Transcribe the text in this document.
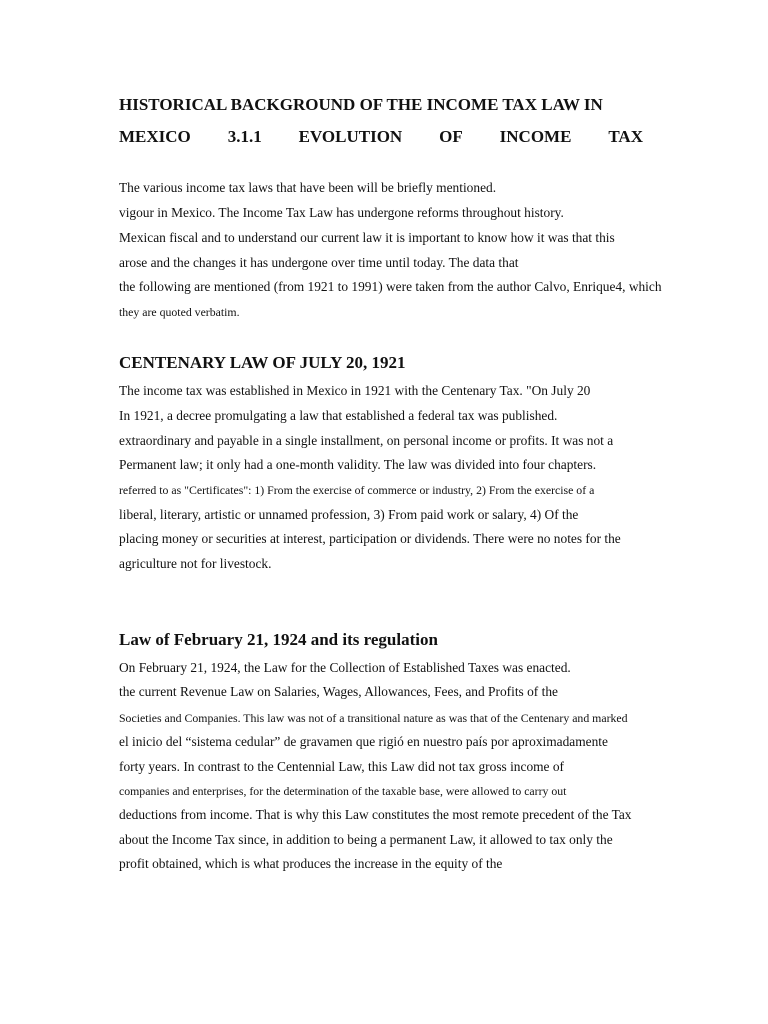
HISTORICAL BACKGROUND OF THE INCOME TAX LAW IN
MEXICO 3.1.1 EVOLUTION OF INCOME TAX
The various income tax laws that have been will be briefly mentioned.
vigour in Mexico. The Income Tax Law has undergone reforms throughout history.
Mexican fiscal and to understand our current law it is important to know how it was that this
arose and the changes it has undergone over time until today. The data that
the following are mentioned (from 1921 to 1991) were taken from the author Calvo, Enrique4, which
they are quoted verbatim.
CENTENARY LAW OF JULY 20, 1921
The income tax was established in Mexico in 1921 with the Centenary Tax. "On July 20
In 1921, a decree promulgating a law that established a federal tax was published.
extraordinary and payable in a single installment, on personal income or profits. It was not a
Permanent law; it only had a one-month validity. The law was divided into four chapters.
referred to as "Certificates": 1) From the exercise of commerce or industry, 2) From the exercise of a
liberal, literary, artistic or unnamed profession, 3) From paid work or salary, 4) Of the
placing money or securities at interest, participation or dividends. There were no notes for the
agriculture not for livestock.
Law of February 21, 1924 and its regulation
On February 21, 1924, the Law for the Collection of Established Taxes was enacted.
the current Revenue Law on Salaries, Wages, Allowances, Fees, and Profits of the
Societies and Companies. This law was not of a transitional nature as was that of the Centenary and marked
el inicio del “sistema cedular” de gravamen que rigió en nuestro país por aproximadamente
forty years. In contrast to the Centennial Law, this Law did not tax gross income of
companies and enterprises, for the determination of the taxable base, were allowed to carry out
deductions from income. That is why this Law constitutes the most remote precedent of the Tax
about the Income Tax since, in addition to being a permanent Law, it allowed to tax only the
profit obtained, which is what produces the increase in the equity of the
